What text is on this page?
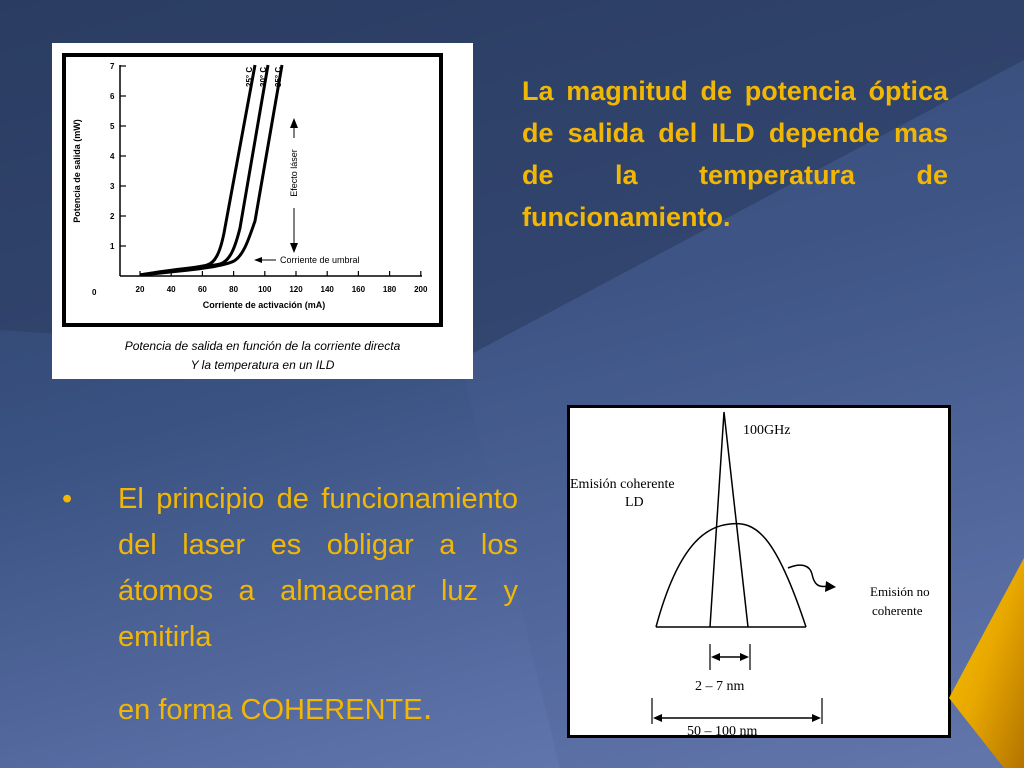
La magnitud de potencia óptica de salida del ILD depende mas de la temperatura de funcionamiento.
• El principio de funcionamiento del laser es obligar a los átomos a almacenar luz y emitirla
en forma COHERENTE.
0
1
2
3
4
5
6
7
20	40	60	80	100 120 140 160 180 200
Potencia de salida (mW)
Corriente de activación (mA)
25° C 30° C 35° C
Efecto láser
Corriente de umbral
Potencia de salida en función de la corriente directa
Y la temperatura en un ILD
100GHz
Emisión coherente
LD
Emisión no
coherente
2 – 7 nm
50 – 100 nm
